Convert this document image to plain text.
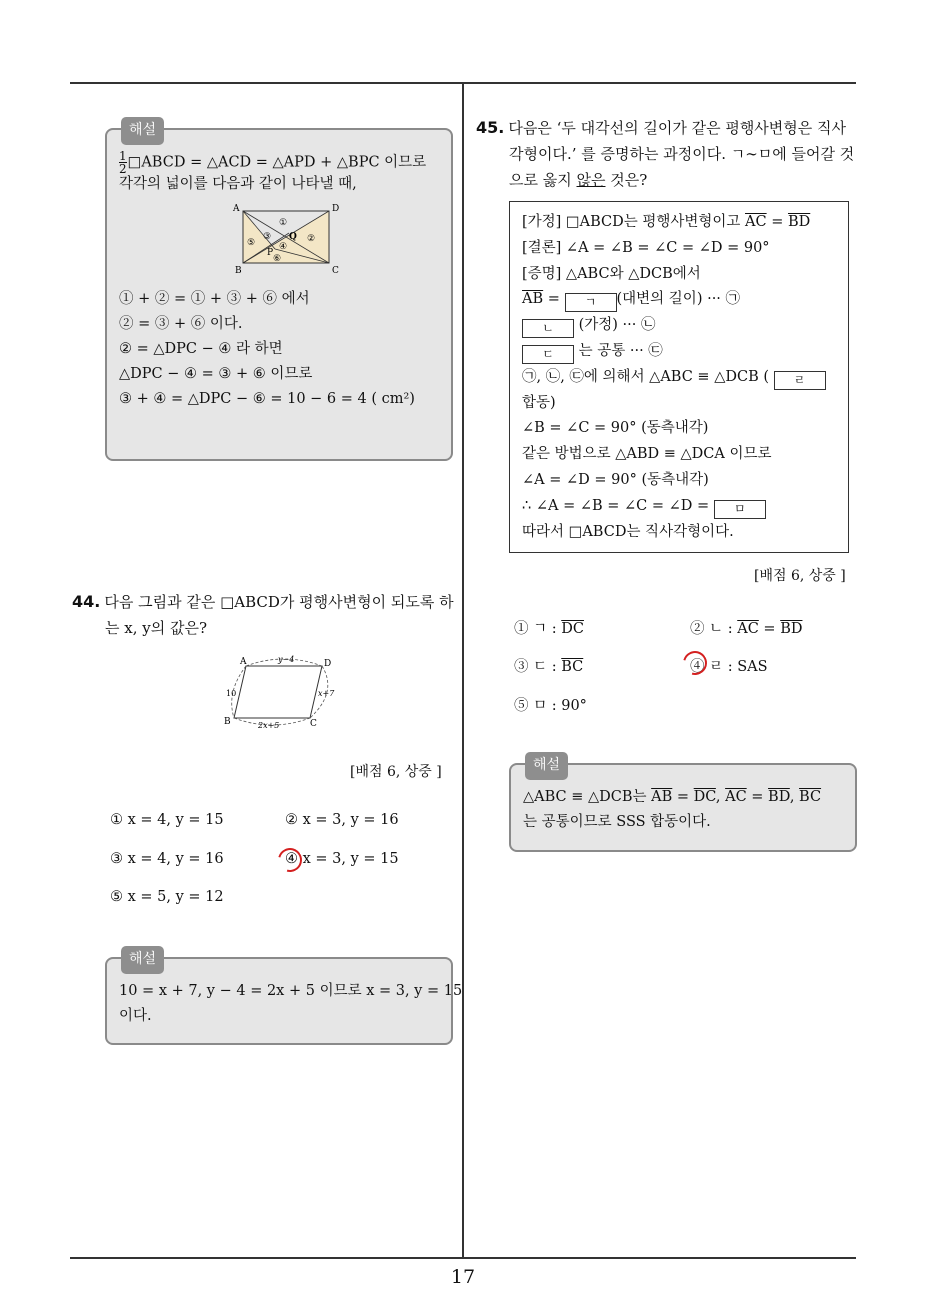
해설
$\frac{1}{2}$ □ABCD = △ACD = △APD + △BPC 이므로
각각의 넓이를 다음과 같이 나타낼 때,
A	D
B	C
P
Q
①
②
③
④
⑤
⑥
① + ② = ① + ③ + ⑥ 에서
② = ③ + ⑥ 이다.
② = △DPC − ④ 라 하면
△DPC − ④ = ③ + ⑥ 이므로
③ + ④ = △DPC − ⑥ = 10 − 6 = 4 ( cm²)
44. 다음 그림과 같은 □ABCD가 평행사변형이 되도록 하
는 x, y의 값은?
A	D
B	C
y−4
10	x+7
2x+5
[배점 6, 상중 ]
① x = 4, y = 15	② x = 3, y = 16
③ x = 4, y = 16	④ x = 3, y = 15
⑤ x = 5, y = 12
해설
10 = x + 7, y − 4 = 2x + 5 이므로 x = 3, y = 15
이다.
45. 다음은 ‘두 대각선의 길이가 같은 평행사변형은 직사
각형이다.’ 를 증명하는 과정이다. ㄱ∼ㅁ에 들어갈 것
으로 옳지 않은 것은?
[가정] □ABCD는 평행사변형이고 $\overline{AC} = \overline{BD}$
[결론] ∠A = ∠B = ∠C = ∠D = 90°
[증명] △ABC와 △DCB에서
$\overline{AB}$ = ㄱ (대변의 길이) ··· ㉠
ㄴ (가정) ··· ㉡
ㄷ 는 공통 ··· ㉢
㉠, ㉡, ㉢에 의해서 △ABC ≡ △DCB ( ㄹ
합동)
∠B = ∠C = 90° (동측내각)
같은 방법으로 △ABD ≡ △DCA 이므로
∠A = ∠D = 90° (동측내각)
∴ ∠A = ∠B = ∠C = ∠D = ㅁ
따라서 □ABCD는 직사각형이다.
[배점 6, 상중 ]
① ㄱ : $\overline{DC}$	② ㄴ : $\overline{AC} = \overline{BD}$
③ ㄷ : $\overline{BC}$	④ ㄹ : SAS
⑤ ㅁ : 90°
해설
△ABC ≡ △DCB는 $\overline{AB} = \overline{DC}$, $\overline{AC} = \overline{BD}$, $\overline{BC}$
는 공통이므로 SSS 합동이다.
17
